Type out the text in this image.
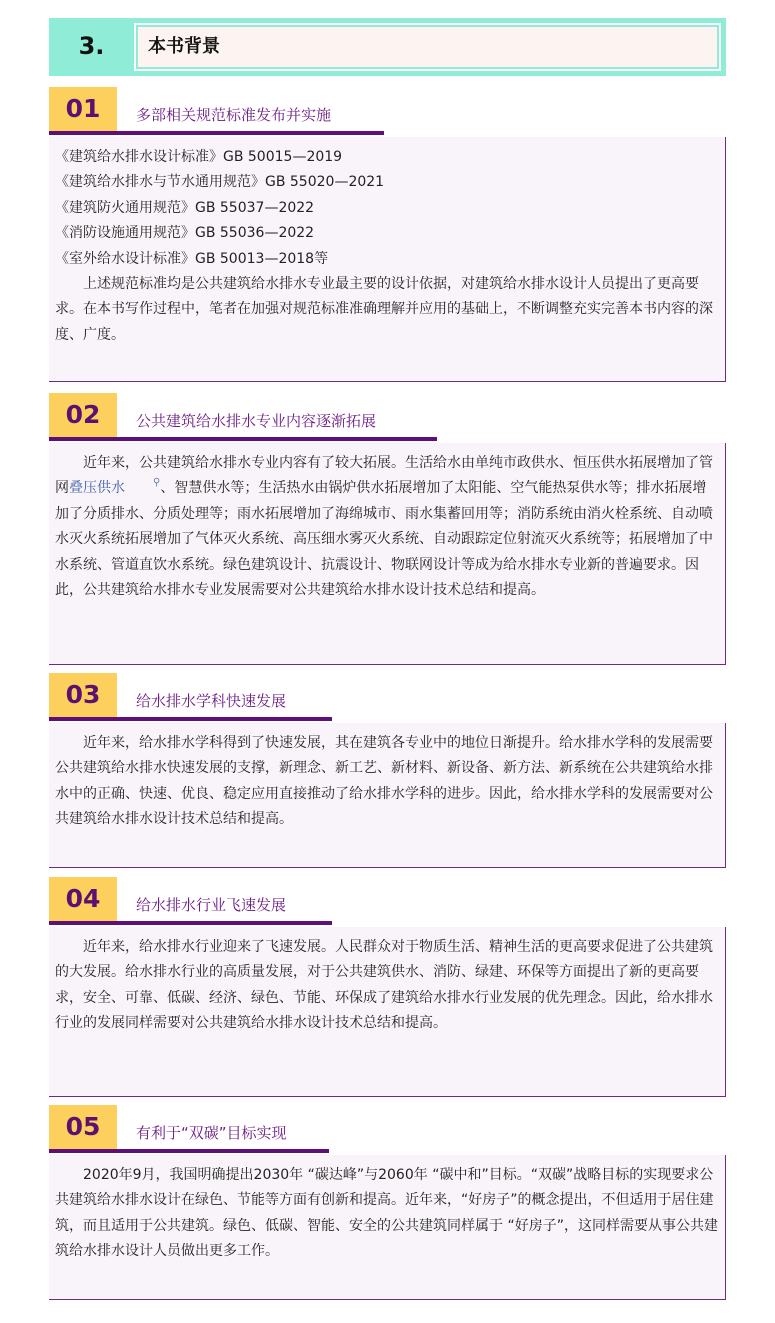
3.	本书背景
01	多部相关规范标准发布并实施

《建筑给水排水设计标准》GB 50015—2019

《建筑给水排水与节水通用规范》GB 55020—2021

《建筑防火通用规范》GB 55037—2022

《消防设施通用规范》GB 55036—2022

《室外给水设计标准》GB 50013—2018等

上述规范标准均是公共建筑给水排水专业最主要的设计依据，对建筑给水排水设计人员提出了更高要求。在本书写作过程中，笔者在加强对规范标准准确理解并应用的基础上，不断调整充实完善本书内容的深度、广度。

02	公共建筑给水排水专业内容逐渐拓展

近年来，公共建筑给水排水专业内容有了较大拓展。生活给水由单纯市政供水、恒压供水拓展增加了管网叠压供水	⚲、智慧供水等；生活热水由锅炉供水拓展增加了太阳能、空气能热泵供水等；排水拓展增加了分质排水、分质处理等；雨水拓展增加了海绵城市、雨水集蓄回用等；消防系统由消火栓系统、自动喷水灭火系统拓展增加了气体灭火系统、高压细水雾灭火系统、自动跟踪定位射流灭火系统等；拓展增加了中水系统、管道直饮水系统。绿色建筑设计、抗震设计、物联网设计等成为给水排水专业新的普遍要求。因此，公共建筑给水排水专业发展需要对公共建筑给水排水设计技术总结和提高。

03	给水排水学科快速发展

近年来，给水排水学科得到了快速发展，其在建筑各专业中的地位日渐提升。给水排水学科的发展需要公共建筑给水排水快速发展的支撑，新理念、新工艺、新材料、新设备、新方法、新系统在公共建筑给水排水中的正确、快速、优良、稳定应用直接推动了给水排水学科的进步。因此，给水排水学科的发展需要对公共建筑给水排水设计技术总结和提高。

04	给水排水行业飞速发展

近年来，给水排水行业迎来了飞速发展。人民群众对于物质生活、精神生活的更高要求促进了公共建筑的大发展。给水排水行业的高质量发展，对于公共建筑供水、消防、绿建、环保等方面提出了新的更高要求，安全、可靠、低碳、经济、绿色、节能、环保成了建筑给水排水行业发展的优先理念。因此，给水排水行业的发展同样需要对公共建筑给水排水设计技术总结和提高。

05	有利于“双碳”目标实现

2020年9月，我国明确提出2030年 “碳达峰”与2060年 “碳中和”目标。“双碳”战略目标的实现要求公共建筑给水排水设计在绿色、节能等方面有创新和提高。近年来，“好房子”的概念提出，不但适用于居住建筑，而且适用于公共建筑。绿色、低碳、智能、安全的公共建筑同样属于 “好房子”，这同样需要从事公共建筑给水排水设计人员做出更多工作。
